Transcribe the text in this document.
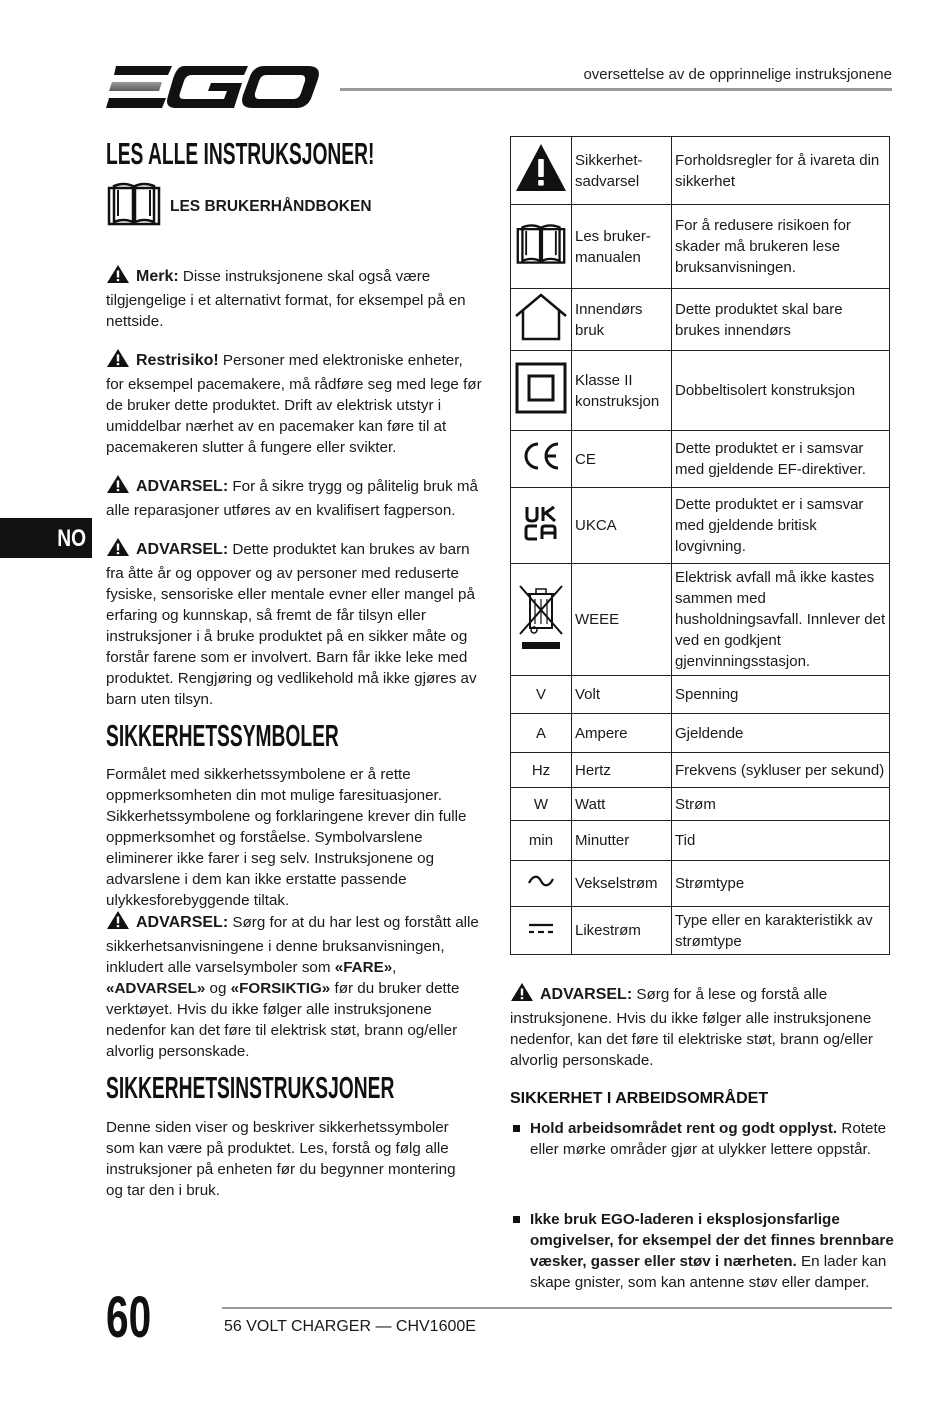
oversettelse av de opprinnelige instruksjonene
NO
LES ALLE INSTRUKSJONER!
LES BRUKERHÅNDBOKEN
Merk: Disse instruksjonene skal også være tilgjengelige i et alternativt format, for eksempel på en nettside.
Restrisiko! Personer med elektroniske enheter, for eksempel pacemakere, må rådføre seg med lege før de bruker dette produktet. Drift av elektrisk utstyr i umiddelbar nærhet av en pacemaker kan føre til at pacemakeren slutter å fungere eller svikter.
ADVARSEL: For å sikre trygg og pålitelig bruk må alle reparasjoner utføres av en kvalifisert fagperson.
ADVARSEL: Dette produktet kan brukes av barn fra åtte år og oppover og av personer med reduserte fysiske, sensoriske eller mentale evner eller mangel på erfaring og kunnskap, så fremt de får tilsyn eller instruksjoner i å bruke produktet på en sikker måte og forstår farene som er involvert. Barn får ikke leke med produktet. Rengjøring og vedlikehold må ikke gjøres av barn uten tilsyn.
SIKKERHETSSYMBOLER
Formålet med sikkerhetssymbolene er å rette oppmerksomheten din mot mulige faresituasjoner. Sikkerhetssymbolene og forklaringene krever din fulle oppmerksomhet og forståelse. Symbolvarslene eliminerer ikke farer i seg selv. Instruksjonene og advarslene i dem kan ikke erstatte passende ulykkesforebyggende tiltak.
ADVARSEL: Sørg for at du har lest og forstått alle sikkerhetsanvisningene i denne bruksanvisningen, inkludert alle varselsymboler som «FARE», «ADVARSEL» og «FORSIKTIG» før du bruker dette verktøyet. Hvis du ikke følger alle instruksjonene nedenfor kan det føre til elektrisk støt, brann og/eller alvorlig personskade.
SIKKERHETSINSTRUKSJONER
Denne siden viser og beskriver sikkerhetssymboler som kan være på produktet. Les, forstå og følg alle instruksjoner på enheten før du begynner montering og tar den i bruk.
	Sikkerhet-sadvarsel	Forholdsregler for å ivareta din sikkerhet
	Les bruker-manualen	For å redusere risikoen for skader må brukeren lese bruksanvisningen.
	Innendørs bruk	Dette produktet skal bare brukes innendørs
	Klasse II konstruksjon	Dobbeltisolert konstruksjon
	CE	Dette produktet er i samsvar med gjeldende EF-direktiver.
	UKCA	Dette produktet er i samsvar med gjeldende britisk lovgivning.
	WEEE	Elektrisk avfall må ikke kastes sammen med husholdningsavfall. Innlever det ved en godkjent gjenvinningsstasjon.
V	Volt	Spenning
A	Ampere	Gjeldende
Hz	Hertz	Frekvens (sykluser per sekund)
W	Watt	Strøm
min	Minutter	Tid
	Vekselstrøm	Strømtype
	Likestrøm	Type eller en karakteristikk av strømtype
ADVARSEL: Sørg for å lese og forstå alle instruksjonene. Hvis du ikke følger alle instruksjonene nedenfor, kan det føre til elektriske støt, brann og/eller alvorlig personskade.
SIKKERHET I ARBEIDSOMRÅDET
Hold arbeidsområdet rent og godt opplyst. Rotete eller mørke områder gjør at ulykker lettere oppstår.
Ikke bruk EGO-laderen i eksplosjonsfarlige omgivelser, for eksempel der det finnes brennbare væsker, gasser eller støv i nærheten. En lader kan skape gnister, som kan antenne støv eller damper.
60	56 VOLT CHARGER — CHV1600E
